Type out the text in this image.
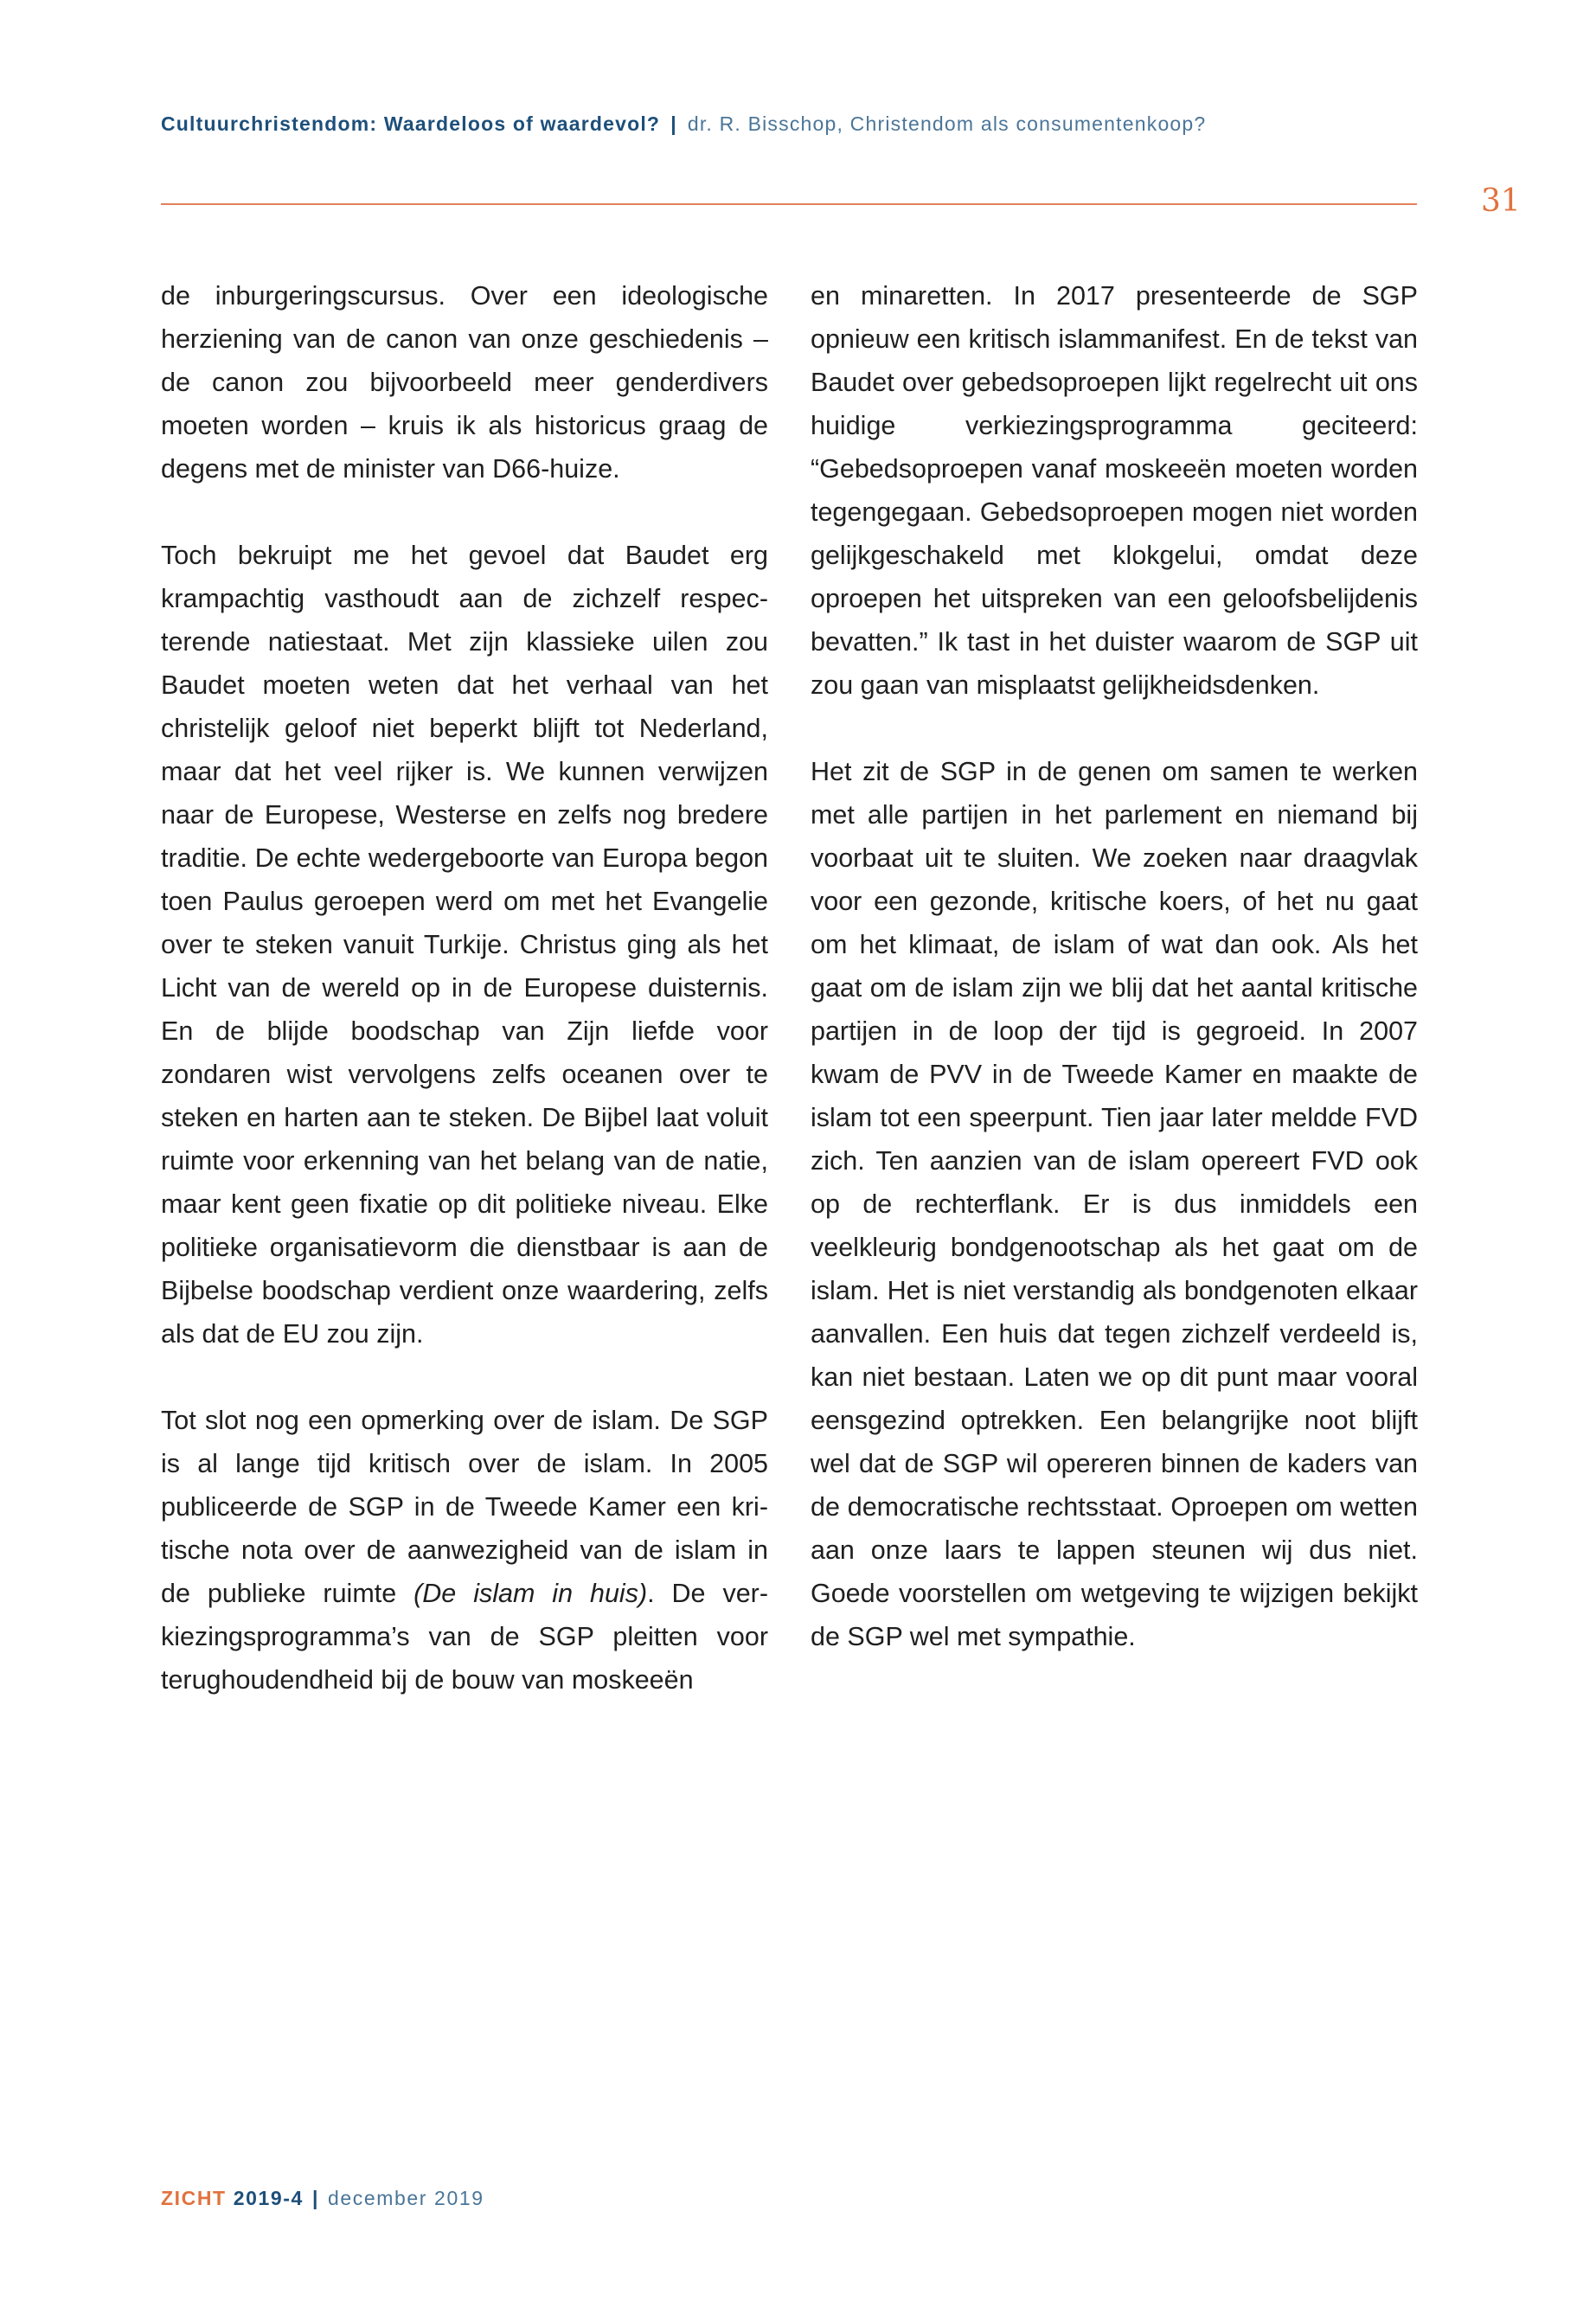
Cultuurchristendom: Waardeloos of waardevol? | dr. R. Bisschop, Christendom als consumentenkoop?
31

de inburgeringscursus. Over een ideologische herziening van de canon van onze geschiedenis – de canon zou bijvoorbeeld meer genderdivers moeten worden – kruis ik als historicus graag de degens met de minister van D66-huize.

Toch bekruipt me het gevoel dat Baudet erg krampachtig vasthoudt aan de zichzelf respecterende natiestaat. Met zijn klassieke uilen zou Baudet moeten weten dat het verhaal van het christelijk geloof niet beperkt blijft tot Nederland, maar dat het veel rijker is. We kunnen verwijzen naar de Europese, Westerse en zelfs nog bredere traditie. De echte wedergeboorte van Europa begon toen Paulus geroepen werd om met het Evangelie over te steken vanuit Turkije. Christus ging als het Licht van de wereld op in de Europese duisternis. En de blijde boodschap van Zijn liefde voor zondaren wist vervolgens zelfs oceanen over te steken en harten aan te steken. De Bijbel laat voluit ruimte voor erkenning van het belang van de natie, maar kent geen fixatie op dit politieke niveau. Elke politieke organisatievorm die dienstbaar is aan de Bijbelse boodschap verdient onze waardering, zelfs als dat de EU zou zijn.

Tot slot nog een opmerking over de islam. De SGP is al lange tijd kritisch over de islam. In 2005 publiceerde de SGP in de Tweede Kamer een kritische nota over de aanwezigheid van de islam in de publieke ruimte (De islam in huis). De verkiezingsprogramma’s van de SGP pleitten voor terughoudendheid bij de bouw van moskeeën

en minaretten. In 2017 presenteerde de SGP opnieuw een kritisch islammanifest. En de tekst van Baudet over gebedsoproepen lijkt regelrecht uit ons huidige verkiezingsprogramma geciteerd: “Gebedsoproepen vanaf moskeeën moeten worden tegengegaan. Gebedsoproepen mogen niet worden gelijkgeschakeld met klokgelui, omdat deze oproepen het uitspreken van een geloofsbelijdenis bevatten.” Ik tast in het duister waarom de SGP uit zou gaan van misplaatst gelijkheidsdenken.

Het zit de SGP in de genen om samen te werken met alle partijen in het parlement en niemand bij voorbaat uit te sluiten. We zoeken naar draagvlak voor een gezonde, kritische koers, of het nu gaat om het klimaat, de islam of wat dan ook. Als het gaat om de islam zijn we blij dat het aantal kritische partijen in de loop der tijd is gegroeid. In 2007 kwam de PVV in de Tweede Kamer en maakte de islam tot een speerpunt. Tien jaar later meldde FVD zich. Ten aanzien van de islam opereert FVD ook op de rechterflank. Er is dus inmiddels een veelkleurig bondgenootschap als het gaat om de islam. Het is niet verstandig als bondgenoten elkaar aanvallen. Een huis dat tegen zichzelf verdeeld is, kan niet bestaan. Laten we op dit punt maar vooral eensgezind optrekken. Een belangrijke noot blijft wel dat de SGP wil opereren binnen de kaders van de democratische rechtsstaat. Oproepen om wetten aan onze laars te lappen steunen wij dus niet. Goede voorstellen om wetgeving te wijzigen bekijkt de SGP wel met sympathie.

ZICHT 2019-4 | december 2019
